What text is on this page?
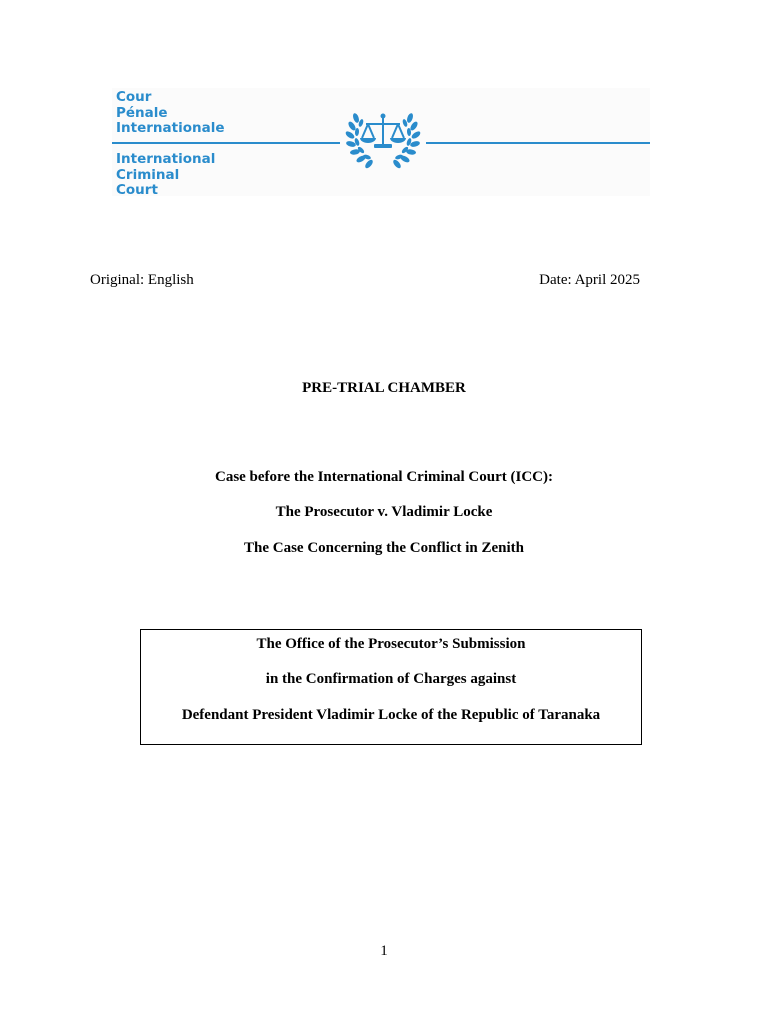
Cour
Pénale
Internationale
International
Criminal
Court
Original: English	Date: April 2025
PRE-TRIAL CHAMBER
Case before the International Criminal Court (ICC):
The Prosecutor v. Vladimir Locke
The Case Concerning the Conflict in Zenith
The Office of the Prosecutor’s Submission
in the Confirmation of Charges against
Defendant President Vladimir Locke of the Republic of Taranaka
1
